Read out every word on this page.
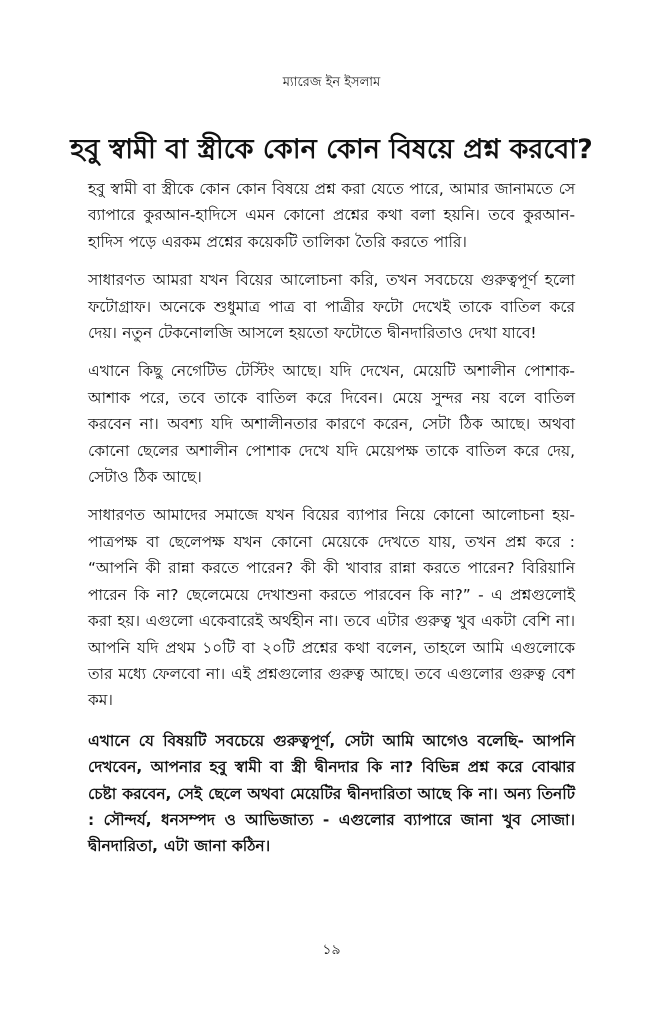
ম্যারেজ ইন ইসলাম
হবু স্বামী বা স্ত্রীকে কোন কোন বিষয়ে প্রশ্ন করবো?

হবু স্বামী বা স্ত্রীকে কোন কোন বিষয়ে প্রশ্ন করা যেতে পারে, আমার জানামতে সে ব্যাপারে কুরআন-হাদিসে এমন কোনো প্রশ্নের কথা বলা হয়নি। তবে কুরআন-হাদিস পড়ে এরকম প্রশ্নের কয়েকটি তালিকা তৈরি করতে পারি।

সাধারণত আমরা যখন বিয়ের আলোচনা করি, তখন সবচেয়ে গুরুত্বপূর্ণ হলো ফটোগ্রাফ। অনেকে শুধুমাত্র পাত্র বা পাত্রীর ফটো দেখেই তাকে বাতিল করে দেয়। নতুন টেকনোলজি আসলে হয়তো ফটোতে দ্বীনদারিতাও দেখা যাবে!

এখানে কিছু নেগেটিভ টেস্টিং আছে। যদি দেখেন, মেয়েটি অশালীন পোশাক-আশাক পরে, তবে তাকে বাতিল করে দিবেন। মেয়ে সুন্দর নয় বলে বাতিল করবেন না। অবশ্য যদি অশালীনতার কারণে করেন, সেটা ঠিক আছে। অথবা কোনো ছেলের অশালীন পোশাক দেখে যদি মেয়েপক্ষ তাকে বাতিল করে দেয়, সেটাও ঠিক আছে।

সাধারণত আমাদের সমাজে যখন বিয়ের ব্যাপার নিয়ে কোনো আলোচনা হয়- পাত্রপক্ষ বা ছেলেপক্ষ যখন কোনো মেয়েকে দেখতে যায়, তখন প্রশ্ন করে : “আপনি কী রান্না করতে পারেন? কী কী খাবার রান্না করতে পারেন? বিরিয়ানি পারেন কি না? ছেলেমেয়ে দেখাশুনা করতে পারবেন কি না?” - এ প্রশ্নগুলোই করা হয়। এগুলো একেবারেই অর্থহীন না। তবে এটার গুরুত্ব খুব একটা বেশি না। আপনি যদি প্রথম ১০টি বা ২০টি প্রশ্নের কথা বলেন, তাহলে আমি এগুলোকে তার মধ্যে ফেলবো না। এই প্রশ্নগুলোর গুরুত্ব আছে। তবে এগুলোর গুরুত্ব বেশ কম।

এখানে যে বিষয়টি সবচেয়ে গুরুত্বপূর্ণ, সেটা আমি আগেও বলেছি- আপনি দেখবেন, আপনার হবু স্বামী বা স্ত্রী দ্বীনদার কি না? বিভিন্ন প্রশ্ন করে বোঝার চেষ্টা করবেন, সেই ছেলে অথবা মেয়েটির দ্বীনদারিতা আছে কি না। অন্য তিনটি : সৌন্দর্য, ধনসম্পদ ও আভিজাত্য - এগুলোর ব্যাপারে জানা খুব সোজা। দ্বীনদারিতা, এটা জানা কঠিন।

১৯
